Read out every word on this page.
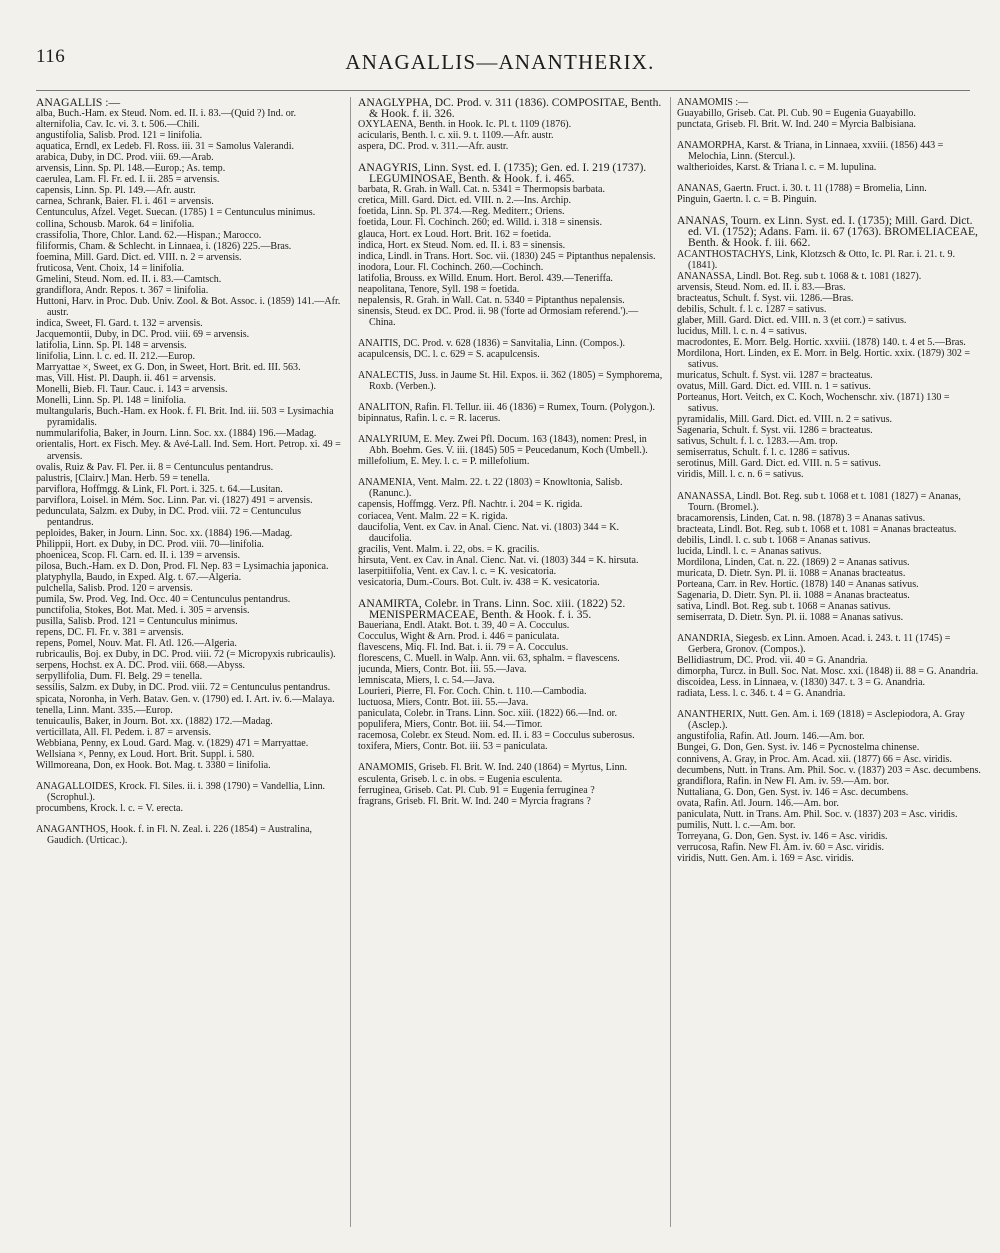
116	ANAGALLIS—ANANTHERIX.

ANAGALLIS :—

alba, Buch.-Ham. ex Steud. Nom. ed. II. i. 83.—(Quid ?) Ind. or.

alternifolia, Cav. Ic. vi. 3. t. 506.—Chili.

angustifolia, Salisb. Prod. 121 = linifolia.

aquatica, Erndl, ex Ledeb. Fl. Ross. iii. 31 = Samolus Valerandi.

arabica, Duby, in DC. Prod. viii. 69.—Arab.

arvensis, Linn. Sp. Pl. 148.—Europ.; As. temp.

caerulea, Lam. Fl. Fr. ed. I. ii. 285 = arvensis.

capensis, Linn. Sp. Pl. 149.—Afr. austr.

carnea, Schrank, Baier. Fl. i. 461 = arvensis.

Centunculus, Afzel. Veget. Suecan. (1785) 1 = Centunculus minimus.

collina, Schousb. Marok. 64 = linifolia.

crassifolia, Thore, Chlor. Land. 62.—Hispan.; Marocco.

filiformis, Cham. & Schlecht. in Linnaea, i. (1826) 225.—Bras.

foemina, Mill. Gard. Dict. ed. VIII. n. 2 = arvensis.

fruticosa, Vent. Choix, 14 = linifolia.

Gmelini, Steud. Nom. ed. II. i. 83.—Camtsch.

grandiflora, Andr. Repos. t. 367 = linifolia.

Huttoni, Harv. in Proc. Dub. Univ. Zool. & Bot. Assoc. i. (1859) 141.—Afr. austr.

indica, Sweet, Fl. Gard. t. 132 = arvensis.

Jacquemontii, Duby, in DC. Prod. viii. 69 = arvensis.

latifolia, Linn. Sp. Pl. 148 = arvensis.

linifolia, Linn. l. c. ed. II. 212.—Europ.

Marryattae ×, Sweet, ex G. Don, in Sweet, Hort. Brit. ed. III. 563.

mas, Vill. Hist. Pl. Dauph. ii. 461 = arvensis.

Monelli, Bieb. Fl. Taur. Cauc. i. 143 = arvensis.

Monelli, Linn. Sp. Pl. 148 = linifolia.

multangularis, Buch.-Ham. ex Hook. f. Fl. Brit. Ind. iii. 503 = Lysimachia pyramidalis.

nummularifolia, Baker, in Journ. Linn. Soc. xx. (1884) 196.—Madag.

orientalis, Hort. ex Fisch. Mey. & Avé-Lall. Ind. Sem. Hort. Petrop. xi. 49 = arvensis.

ovalis, Ruiz & Pav. Fl. Per. ii. 8 = Centunculus pentandrus.

palustris, [Clairv.] Man. Herb. 59 = tenella.

parviflora, Hoffmgg. & Link, Fl. Port. i. 325. t. 64.—Lusitan.

parviflora, Loisel. in Mém. Soc. Linn. Par. vi. (1827) 491 = arvensis.

pedunculata, Salzm. ex Duby, in DC. Prod. viii. 72 = Centunculus pentandrus.

peploides, Baker, in Journ. Linn. Soc. xx. (1884) 196.—Madag.

Philippii, Hort. ex Duby, in DC. Prod. viii. 70—linifolia.

phoenicea, Scop. Fl. Carn. ed. II. i. 139 = arvensis.

pilosa, Buch.-Ham. ex D. Don, Prod. Fl. Nep. 83 = Lysimachia japonica.

platyphylla, Baudo, in Exped. Alg. t. 67.—Algeria.

pulchella, Salisb. Prod. 120 = arvensis.

pumila, Sw. Prod. Veg. Ind. Occ. 40 = Centunculus pentandrus.

punctifolia, Stokes, Bot. Mat. Med. i. 305 = arvensis.

pusilla, Salisb. Prod. 121 = Centunculus minimus.

repens, DC. Fl. Fr. v. 381 = arvensis.

repens, Pomel, Nouv. Mat. Fl. Atl. 126.—Algeria.

rubricaulis, Boj. ex Duby, in DC. Prod. viii. 72 (= Micropyxis rubricaulis).

serpens, Hochst. ex A. DC. Prod. viii. 668.—Abyss.

serpyllifolia, Dum. Fl. Belg. 29 = tenella.

sessilis, Salzm. ex Duby, in DC. Prod. viii. 72 = Centunculus pentandrus.

spicata, Noronha, in Verh. Batav. Gen. v. (1790) ed. I. Art. iv. 6.—Malaya.

tenella, Linn. Mant. 335.—Europ.

tenuicaulis, Baker, in Journ. Bot. xx. (1882) 172.—Madag.

verticillata, All. Fl. Pedem. i. 87 = arvensis.

Webbiana, Penny, ex Loud. Gard. Mag. v. (1829) 471 = Marryattae.

Wellsiana ×, Penny, ex Loud. Hort. Brit. Suppl. i. 580.

Willmoreana, Don, ex Hook. Bot. Mag. t. 3380 = linifolia.

ANAGALLOIDES, Krock. Fl. Siles. ii. i. 398 (1790) = Vandellia, Linn. (Scrophul.).

procumbens, Krock. l. c. = V. erecta.

ANAGANTHOS, Hook. f. in Fl. N. Zeal. i. 226 (1854) = Australina, Gaudich. (Urticac.).

ANAGLYPHA, DC. Prod. v. 311 (1836). COMPOSITAE, Benth. & Hook. f. ii. 326.

OXYLAENA, Benth. in Hook. Ic. Pl. t. 1109 (1876).

acicularis, Benth. l. c. xii. 9. t. 1109.—Afr. austr.

aspera, DC. Prod. v. 311.—Afr. austr.

ANAGYRIS, Linn. Syst. ed. I. (1735); Gen. ed. I. 219 (1737). LEGUMINOSAE, Benth. & Hook. f. i. 465.

barbata, R. Grah. in Wall. Cat. n. 5341 = Thermopsis barbata.

cretica, Mill. Gard. Dict. ed. VIII. n. 2.—Ins. Archip.

foetida, Linn. Sp. Pl. 374.—Reg. Mediterr.; Oriens.

foetida, Lour. Fl. Cochinch. 260; ed. Willd. i. 318 = sinensis.

glauca, Hort. ex Loud. Hort. Brit. 162 = foetida.

indica, Hort. ex Steud. Nom. ed. II. i. 83 = sinensis.

indica, Lindl. in Trans. Hort. Soc. vii. (1830) 245 = Piptanthus nepalensis.

inodora, Lour. Fl. Cochinch. 260.—Cochinch.

latifolia, Brouss. ex Willd. Enum. Hort. Berol. 439.—Teneriffa.

neapolitana, Tenore, Syll. 198 = foetida.

nepalensis, R. Grah. in Wall. Cat. n. 5340 = Piptanthus nepalensis.

sinensis, Steud. ex DC. Prod. ii. 98 ('forte ad Ormosiam referend.').—China.

ANAITIS, DC. Prod. v. 628 (1836) = Sanvitalia, Linn. (Compos.).

acapulcensis, DC. l. c. 629 = S. acapulcensis.

ANALECTIS, Juss. in Jaume St. Hil. Expos. ii. 362 (1805) = Symphorema, Roxb. (Verben.).

ANALITON, Rafin. Fl. Tellur. iii. 46 (1836) = Rumex, Tourn. (Polygon.).

bipinnatus, Rafin. l. c. = R. lacerus.

ANALYRIUM, E. Mey. Zwei Pfl. Docum. 163 (1843), nomen: Presl, in Abh. Boehm. Ges. V. iii. (1845) 505 = Peucedanum, Koch (Umbell.).

millefolium, E. Mey. l. c. = P. millefolium.

ANAMENIA, Vent. Malm. 22. t. 22 (1803) = Knowltonia, Salisb. (Ranunc.).

capensis, Hoffmgg. Verz. Pfl. Nachtr. i. 204 = K. rigida.

coriacea, Vent. Malm. 22 = K. rigida.

daucifolia, Vent. ex Cav. in Anal. Cienc. Nat. vi. (1803) 344 = K. daucifolia.

gracilis, Vent. Malm. i. 22, obs. = K. gracilis.

hirsuta, Vent. ex Cav. in Anal. Cienc. Nat. vi. (1803) 344 = K. hirsuta.

laserpitiifolia, Vent. ex Cav. l. c. = K. vesicatoria.

vesicatoria, Dum.-Cours. Bot. Cult. iv. 438 = K. vesicatoria.

ANAMIRTA, Colebr. in Trans. Linn. Soc. xiii. (1822) 52. MENISPERMACEAE, Benth. & Hook. f. i. 35.

Baueriana, Endl. Atakt. Bot. t. 39, 40 = A. Cocculus.

Cocculus, Wight & Arn. Prod. i. 446 = paniculata.

flavescens, Miq. Fl. Ind. Bat. i. ii. 79 = A. Cocculus.

florescens, C. Muell. in Walp. Ann. vii. 63, sphalm. = flavescens.

jucunda, Miers, Contr. Bot. iii. 55.—Java.

lemniscata, Miers, l. c. 54.—Java.

Lourieri, Pierre, Fl. For. Coch. Chin. t. 110.—Cambodia.

luctuosa, Miers, Contr. Bot. iii. 55.—Java.

paniculata, Colebr. in Trans. Linn. Soc. xiii. (1822) 66.—Ind. or.

populifera, Miers, Contr. Bot. iii. 54.—Timor.

racemosa, Colebr. ex Steud. Nom. ed. II. i. 83 = Cocculus suberosus.

toxifera, Miers, Contr. Bot. iii. 53 = paniculata.

ANAMOMIS, Griseb. Fl. Brit. W. Ind. 240 (1864) = Myrtus, Linn.

esculenta, Griseb. l. c. in obs. = Eugenia esculenta.

ferruginea, Griseb. Cat. Pl. Cub. 91 = Eugenia ferruginea ?

fragrans, Griseb. Fl. Brit. W. Ind. 240 = Myrcia fragrans ?

ANAMOMIS :—

Guayabillo, Griseb. Cat. Pl. Cub. 90 = Eugenia Guayabillo.

punctata, Griseb. Fl. Brit. W. Ind. 240 = Myrcia Balbisiana.

ANAMORPHA, Karst. & Triana, in Linnaea, xxviii. (1856) 443 = Melochia, Linn. (Stercul.).

waltherioides, Karst. & Triana l. c. = M. lupulina.

ANANAS, Gaertn. Fruct. i. 30. t. 11 (1788) = Bromelia, Linn.

Pinguin, Gaertn. l. c. = B. Pinguin.

ANANAS, Tourn. ex Linn. Syst. ed. I. (1735); Mill. Gard. Dict. ed. VI. (1752); Adans. Fam. ii. 67 (1763). BROMELIACEAE, Benth. & Hook. f. iii. 662.

ACANTHOSTACHYS, Link, Klotzsch & Otto, Ic. Pl. Rar. i. 21. t. 9. (1841).

ANANASSA, Lindl. Bot. Reg. sub t. 1068 & t. 1081 (1827).

arvensis, Steud. Nom. ed. II. i. 83.—Bras.

bracteatus, Schult. f. Syst. vii. 1286.—Bras.

debilis, Schult. f. l. c. 1287 = sativus.

glaber, Mill. Gard. Dict. ed. VIII. n. 3 (et corr.) = sativus.

lucidus, Mill. l. c. n. 4 = sativus.

macrodontes, E. Morr. Belg. Hortic. xxviii. (1878) 140. t. 4 et 5.—Bras.

Mordilona, Hort. Linden, ex E. Morr. in Belg. Hortic. xxix. (1879) 302 = sativus.

muricatus, Schult. f. Syst. vii. 1287 = bracteatus.

ovatus, Mill. Gard. Dict. ed. VIII. n. 1 = sativus.

Porteanus, Hort. Veitch, ex C. Koch, Wochenschr. xiv. (1871) 130 = sativus.

pyramidalis, Mill. Gard. Dict. ed. VIII. n. 2 = sativus.

Sagenaria, Schult. f. Syst. vii. 1286 = bracteatus.

sativus, Schult. f. l. c. 1283.—Am. trop.

semiserratus, Schult. f. l. c. 1286 = sativus.

serotinus, Mill. Gard. Dict. ed. VIII. n. 5 = sativus.

viridis, Mill. l. c. n. 6 = sativus.

ANANASSA, Lindl. Bot. Reg. sub t. 1068 et t. 1081 (1827) = Ananas, Tourn. (Bromel.).

bracamorensis, Linden, Cat. n. 98. (1878) 3 = Ananas sativus.

bracteata, Lindl. Bot. Reg. sub t. 1068 et t. 1081 = Ananas bracteatus.

debilis, Lindl. l. c. sub t. 1068 = Ananas sativus.

lucida, Lindl. l. c. = Ananas sativus.

Mordilona, Linden, Cat. n. 22. (1869) 2 = Ananas sativus.

muricata, D. Dietr. Syn. Pl. ii. 1088 = Ananas bracteatus.

Porteana, Carr. in Rev. Hortic. (1878) 140 = Ananas sativus.

Sagenaria, D. Dietr. Syn. Pl. ii. 1088 = Ananas bracteatus.

sativa, Lindl. Bot. Reg. sub t. 1068 = Ananas sativus.

semiserrata, D. Dietr. Syn. Pl. ii. 1088 = Ananas sativus.

ANANDRIA, Siegesb. ex Linn. Amoen. Acad. i. 243. t. 11 (1745) = Gerbera, Gronov. (Compos.).

Bellidiastrum, DC. Prod. vii. 40 = G. Anandria.

dimorpha, Turcz. in Bull. Soc. Nat. Mosc. xxi. (1848) ii. 88 = G. Anandria.

discoidea, Less. in Linnaea, v. (1830) 347. t. 3 = G. Anandria.

radiata, Less. l. c. 346. t. 4 = G. Anandria.

ANANTHERIX, Nutt. Gen. Am. i. 169 (1818) = Asclepiodora, A. Gray (Asclep.).

angustifolia, Rafin. Atl. Journ. 146.—Am. bor.

Bungei, G. Don, Gen. Syst. iv. 146 = Pycnostelma chinense.

connivens, A. Gray, in Proc. Am. Acad. xii. (1877) 66 = Asc. viridis.

decumbens, Nutt. in Trans. Am. Phil. Soc. v. (1837) 203 = Asc. decumbens.

grandiflora, Rafin. in New Fl. Am. iv. 59.—Am. bor.

Nuttaliana, G. Don, Gen. Syst. iv. 146 = Asc. decumbens.

ovata, Rafin. Atl. Journ. 146.—Am. bor.

paniculata, Nutt. in Trans. Am. Phil. Soc. v. (1837) 203 = Asc. viridis.

pumilis, Nutt. l. c.—Am. bor.

Torreyana, G. Don, Gen. Syst. iv. 146 = Asc. viridis.

verrucosa, Rafin. New Fl. Am. iv. 60 = Asc. viridis.

viridis, Nutt. Gen. Am. i. 169 = Asc. viridis.
